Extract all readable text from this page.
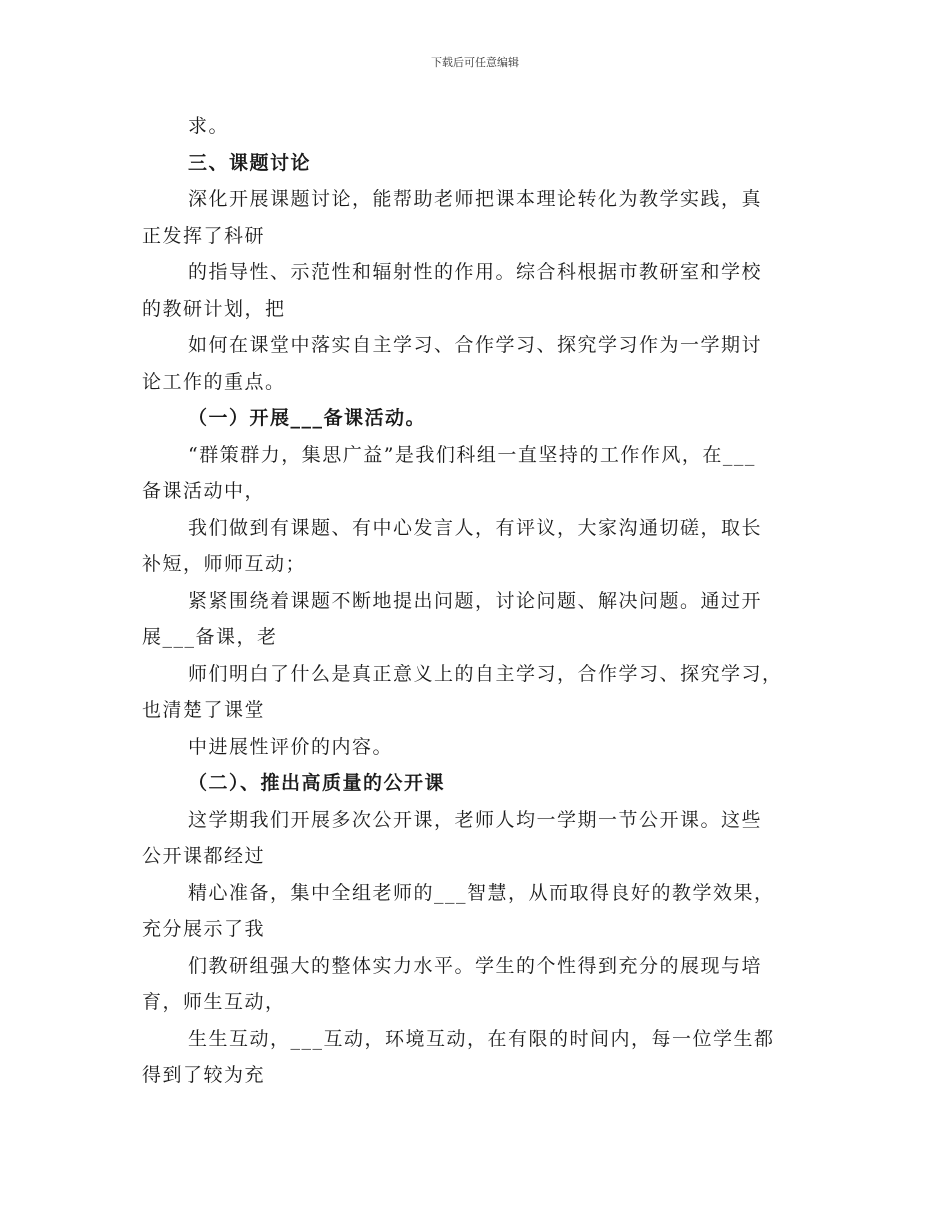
下载后可任意编辑
求。
三、课题讨论
深化开展课题讨论，能帮助老师把课本理论转化为教学实践，真
正发挥了科研
的指导性、示范性和辐射性的作用。综合科根据市教研室和学校
的教研计划，把
如何在课堂中落实自主学习、合作学习、探究学习作为一学期讨
论工作的重点。
（一）开展___备课活动。
“群策群力，集思广益”是我们科组一直坚持的工作作风，在___
备课活动中，
我们做到有课题、有中心发言人，有评议，大家沟通切磋，取长
补短，师师互动；
紧紧围绕着课题不断地提出问题，讨论问题、解决问题。通过开
展___备课，老
师们明白了什么是真正意义上的自主学习，合作学习、探究学习，
也清楚了课堂
中进展性评价的内容。
（二）、推出高质量的公开课
这学期我们开展多次公开课，老师人均一学期一节公开课。这些
公开课都经过
精心准备，集中全组老师的___智慧，从而取得良好的教学效果，
充分展示了我
们教研组强大的整体实力水平。学生的个性得到充分的展现与培
育，师生互动，
生生互动，___互动，环境互动，在有限的时间内，每一位学生都
得到了较为充
